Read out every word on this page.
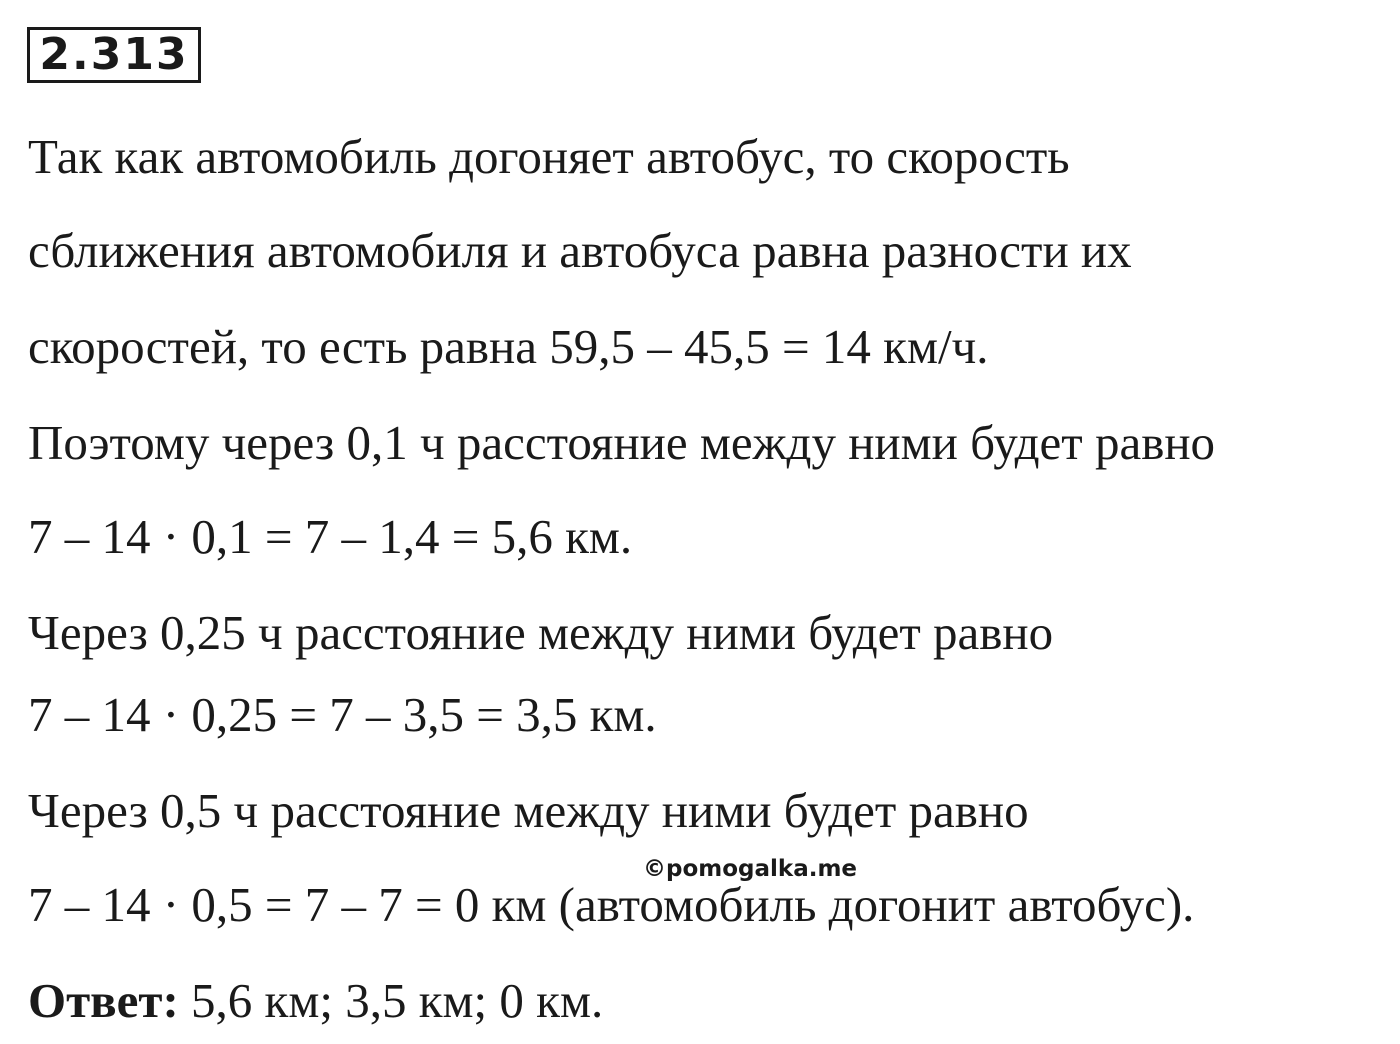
2.313
Так как автомобиль догоняет автобус, то скорость
сближения автомобиля и автобуса равна разности их
скоростей, то есть равна 59,5 – 45,5 = 14 км/ч.
Поэтому через 0,1 ч расстояние между ними будет равно
7 – 14 · 0,1 = 7 – 1,4 = 5,6 км.
Через 0,25 ч расстояние между ними будет равно
7 – 14 · 0,25 = 7 – 3,5 = 3,5 км.
Через 0,5 ч расстояние между ними будет равно
7 – 14 · 0,5 = 7 – 7 = 0 км (автомобиль догонит автобус).
Ответ: 5,6 км; 3,5 км; 0 км.
©pomogalka.me
